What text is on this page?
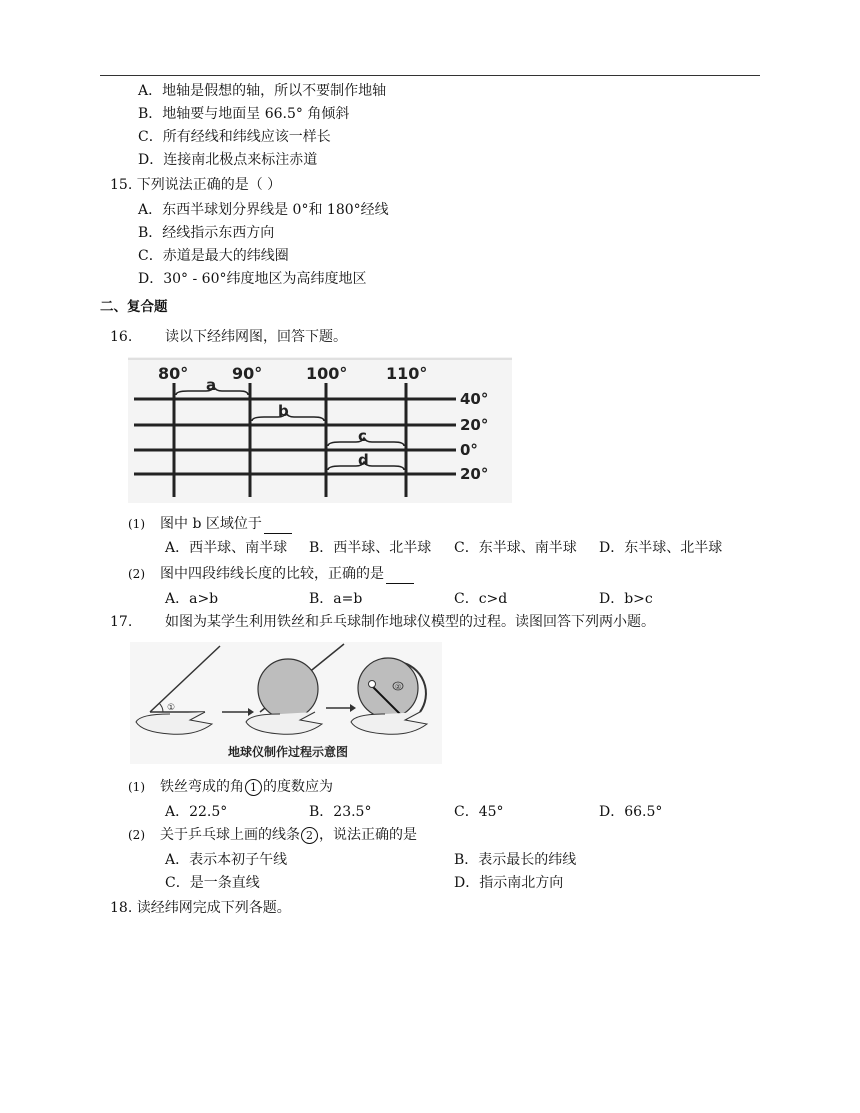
A．地轴是假想的轴，所以不要制作地轴
B．地轴要与地面呈 66.5° 角倾斜
C．所有经线和纬线应该一样长
D．连接南北极点来标注赤道
15. 下列说法正确的是（ ）
A．东西半球划分界线是 0°和 180°经线
B．经线指示东西方向
C．赤道是最大的纬线圈
D．30° - 60°纬度地区为高纬度地区
二、复合题
16. 读以下经纬网图，回答下题。
80°	90°	100° 110°
40°
20°
0°
20°
a
b
c
d
(1) 图中 b 区域位于
A．西半球、南半球 B．西半球、北半球 C．东半球、南半球 D．东半球、北半球
(2) 图中四段纬线长度的比较，正确的是
A．a>b	B．a=b	C．c>d	D．b>c
17. 如图为某学生利用铁丝和乒乓球制作地球仪模型的过程。读图回答下列两小题。
①
②
地球仪制作过程示意图
(1) 铁丝弯成的角 1 的度数应为
A．22.5°	B．23.5°	C．45°	D．66.5°
(2) 关于乒乓球上画的线条 2 ，说法正确的是
A．表示本初子午线	B．表示最长的纬线
C．是一条直线	D．指示南北方向
18. 读经纬网完成下列各题。
